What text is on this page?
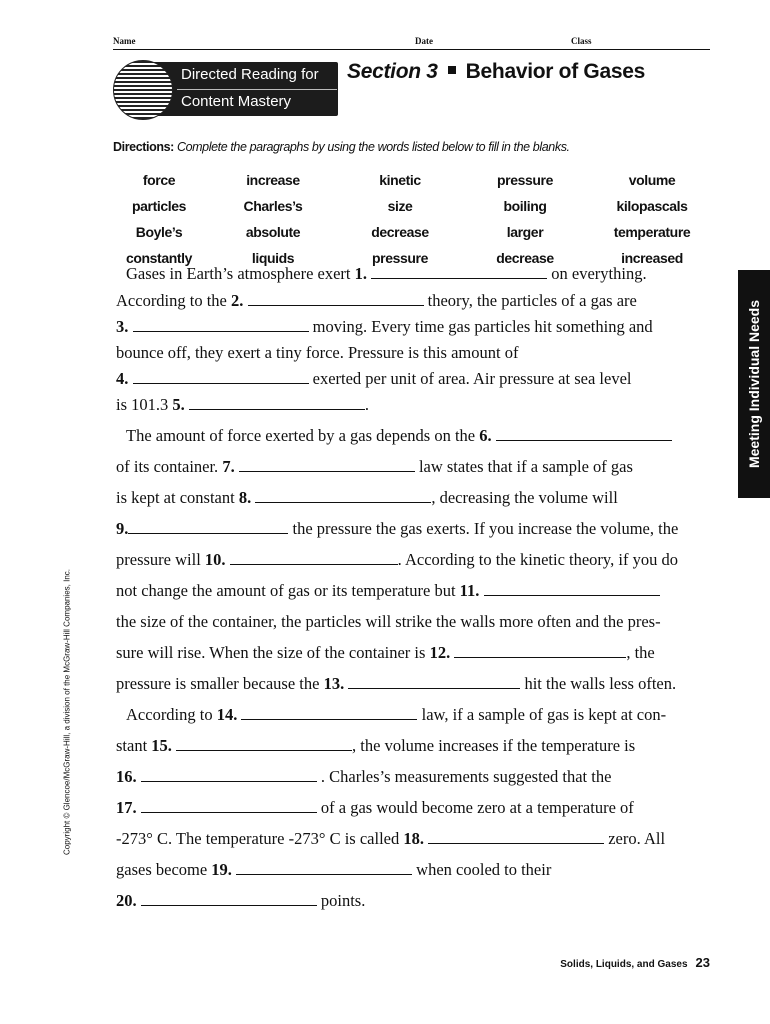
Name	Date	Class
Directed Reading for
Content Mastery
Section 3 Behavior of Gases
Directions: Complete the paragraphs by using the words listed below to fill in the blanks.
force	increase	kinetic	pressure	volume
particles	Charles’s	size	boiling	kilopascals
Boyle’s	absolute	decrease	larger	temperature
constantly	liquids	pressure	decrease	increased
Gases in Earth’s atmosphere exert 1.	on everything.
According to the 2.	theory, the particles of a gas are
3.	moving. Every time gas particles hit something and
bounce off, they exert a tiny force. Pressure is this amount of
4.	exerted per unit of area. Air pressure at sea level
is 101.3 5.	.
The amount of force exerted by a gas depends on the 6.
of its container. 7.	law states that if a sample of gas
is kept at constant 8.	, decreasing the volume will
9.	the pressure the gas exerts. If you increase the volume, the
pressure will 10.	. According to the kinetic theory, if you do
not change the amount of gas or its temperature but 11.
the size of the container, the particles will strike the walls more often and the pres-
sure will rise. When the size of the container is 12.	, the
pressure is smaller because the 13.	hit the walls less often.
According to 14.	law, if a sample of gas is kept at con-
stant 15.	, the volume increases if the temperature is
16.	. Charles’s measurements suggested that the
17.	of a gas would become zero at a temperature of
-273° C. The temperature -273° C is called 18.	zero. All
gases become 19.	when cooled to their
20.	points.
Meeting Individual Needs
Copyright © Glencoe/McGraw-Hill, a division of the McGraw-Hill Companies, Inc.
Solids, Liquids, and Gases 23
